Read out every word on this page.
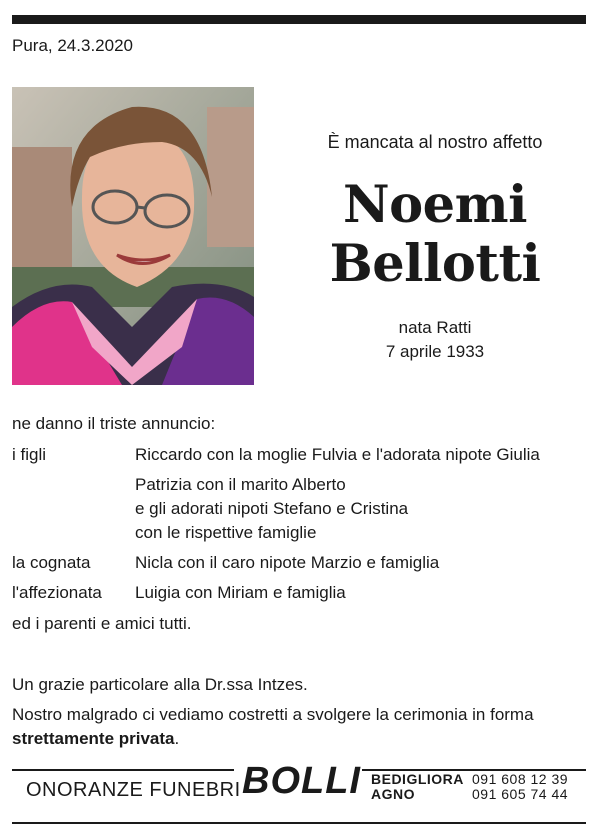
Pura, 24.3.2020
È mancata al nostro affetto
Noemi
Bellotti
nata Ratti
7 aprile 1933
ne danno il triste annuncio:
i figli	Riccardo con la moglie Fulvia e l'adorata nipote Giulia
Patrizia con il marito Alberto
e gli adorati nipoti Stefano e Cristina
con le rispettive famiglie
la cognata	Nicla con il caro nipote Marzio e famiglia
l'affezionata	Luigia con Miriam e famiglia
ed i parenti e amici tutti.
Un grazie particolare alla Dr.ssa Intzes.
Nostro malgrado ci vediamo costretti a svolgere la cerimonia in forma
strettamente privata.
ONORANZE FUNEBRI BOLLI BEDIGLIORA
AGNO
091 608 12 39
091 605 74 44
